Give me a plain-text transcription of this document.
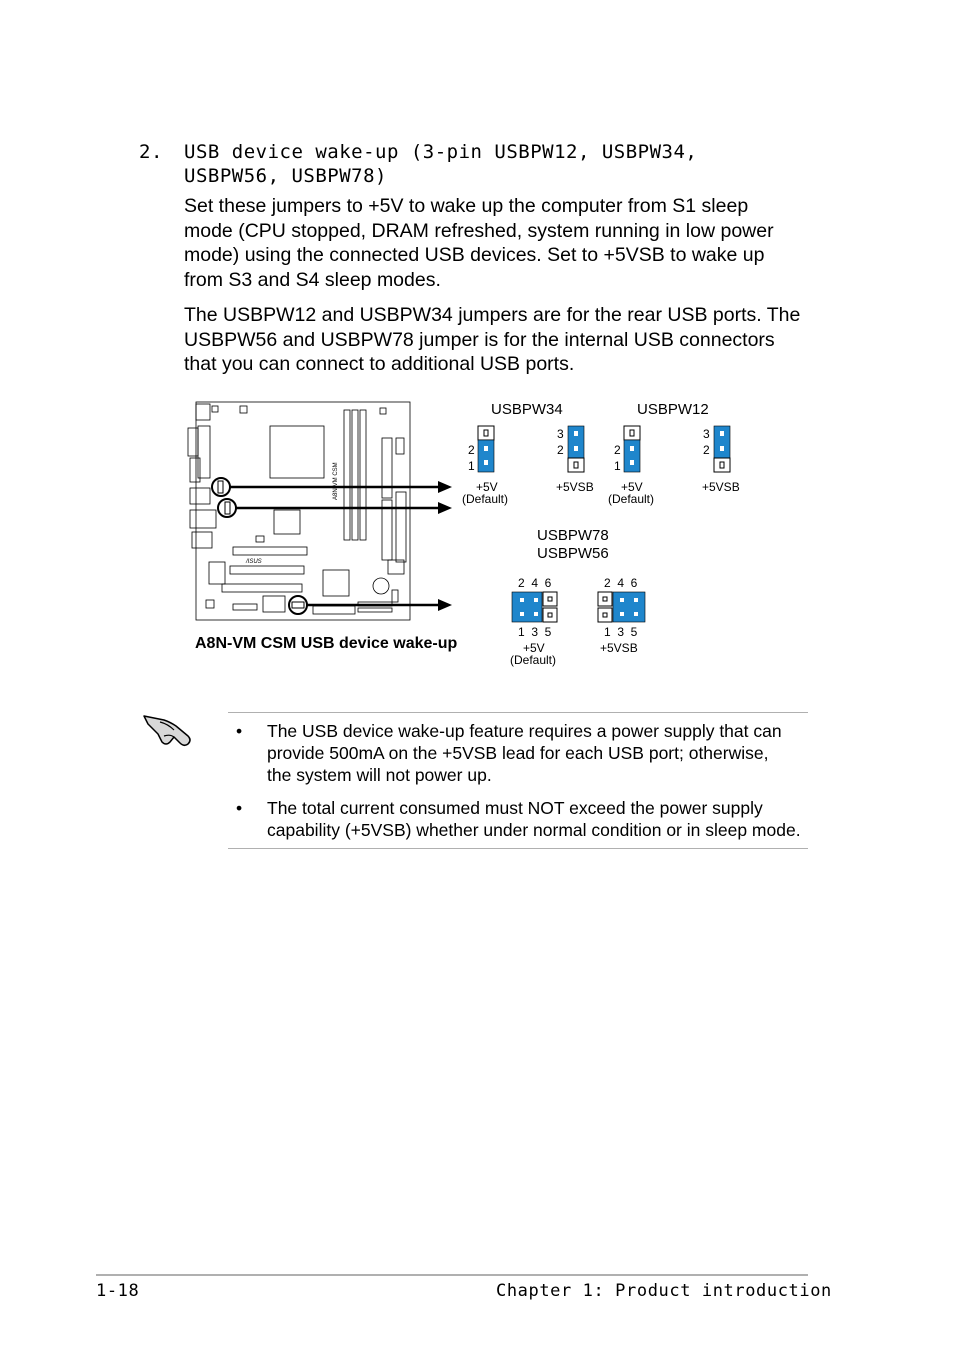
2. USB device wake-up (3-pin USBPW12, USBPW34,
USBPW56, USBPW78)

Set these jumpers to +5V to wake up the computer from S1 sleep mode (CPU stopped, DRAM refreshed, system running in low power mode) using the connected USB devices. Set to +5VSB to wake up from S3 and S4 sleep modes.

The USBPW12 and USBPW34 jumpers are for the rear USB ports. The USBPW56 and USBPW78 jumper is for the internal USB connectors that you can connect to additional USB ports.

A8N-VM CSM
/ISUS
USBPW34	USBPW12
2
1
3
2
+5V
(Default)
+5VSB
2
1
3
2
+5V
(Default)
+5VSB
USBPW78
USBPW56
2  4  6
1  3  5
2  4  6
1  3  5
+5V
(Default)
+5VSB
A8N-VM CSM USB device wake-up
• The USB device wake-up feature requires a power supply that can provide 500mA on the +5VSB lead for each USB port; otherwise, the system will not power up.

• The total current consumed must NOT exceed the power supply capability (+5VSB) whether under normal condition or in sleep mode.

1-18	Chapter 1: Product introduction
